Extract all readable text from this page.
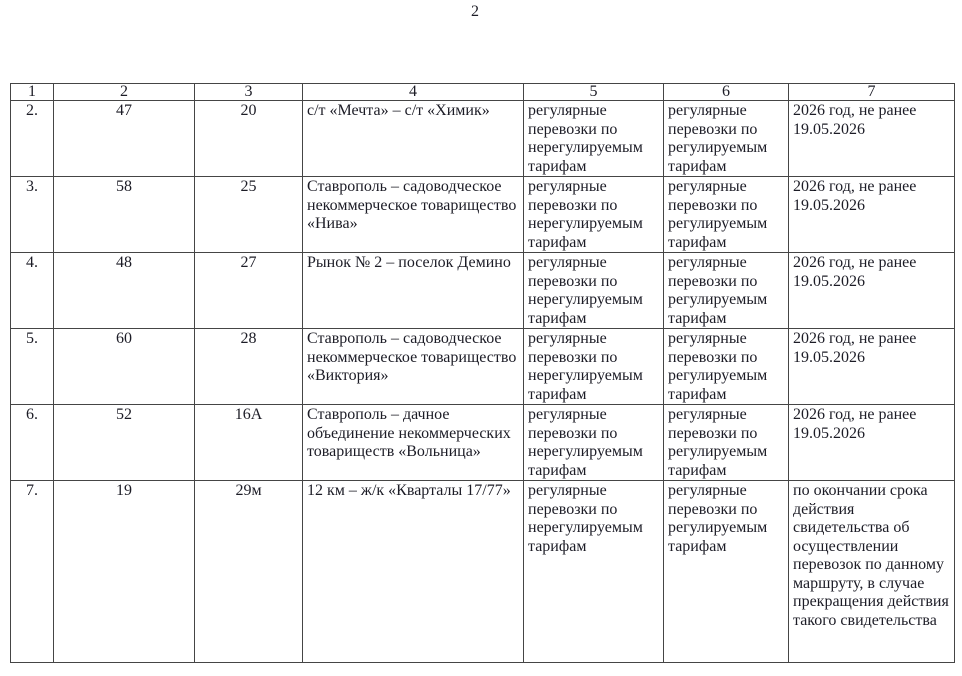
2
1	2	3	4	5	6	7
2.	47	20	с/т «Мечта» – с/т «Химик»	регулярные перевозки по нерегулируемым тарифам	регулярные перевозки по регулируемым тарифам	2026 год, не ранее 19.05.2026
3.	58	25	Ставрополь – садоводческое некоммерческое товарищество «Нива»	регулярные перевозки по нерегулируемым тарифам	регулярные перевозки по регулируемым тарифам	2026 год, не ранее 19.05.2026
4.	48	27	Рынок № 2 – поселок Демино	регулярные перевозки по нерегулируемым тарифам	регулярные перевозки по регулируемым тарифам	2026 год, не ранее 19.05.2026
5.	60	28	Ставрополь – садоводческое некоммерческое товарищество «Виктория»	регулярные перевозки по нерегулируемым тарифам	регулярные перевозки по регулируемым тарифам	2026 год, не ранее 19.05.2026
6.	52	16А	Ставрополь – дачное объединение некоммерческих товариществ «Вольница»	регулярные перевозки по нерегулируемым тарифам	регулярные перевозки по регулируемым тарифам	2026 год, не ранее 19.05.2026
7.	19	29м	12 км – ж/к «Кварталы 17/77»	регулярные перевозки по нерегулируемым тарифам	регулярные перевозки по регулируемым тарифам	по окончании срока действия свидетельства об осуществлении перевозок по данному маршруту, в случае прекращения действия такого свидетельства
